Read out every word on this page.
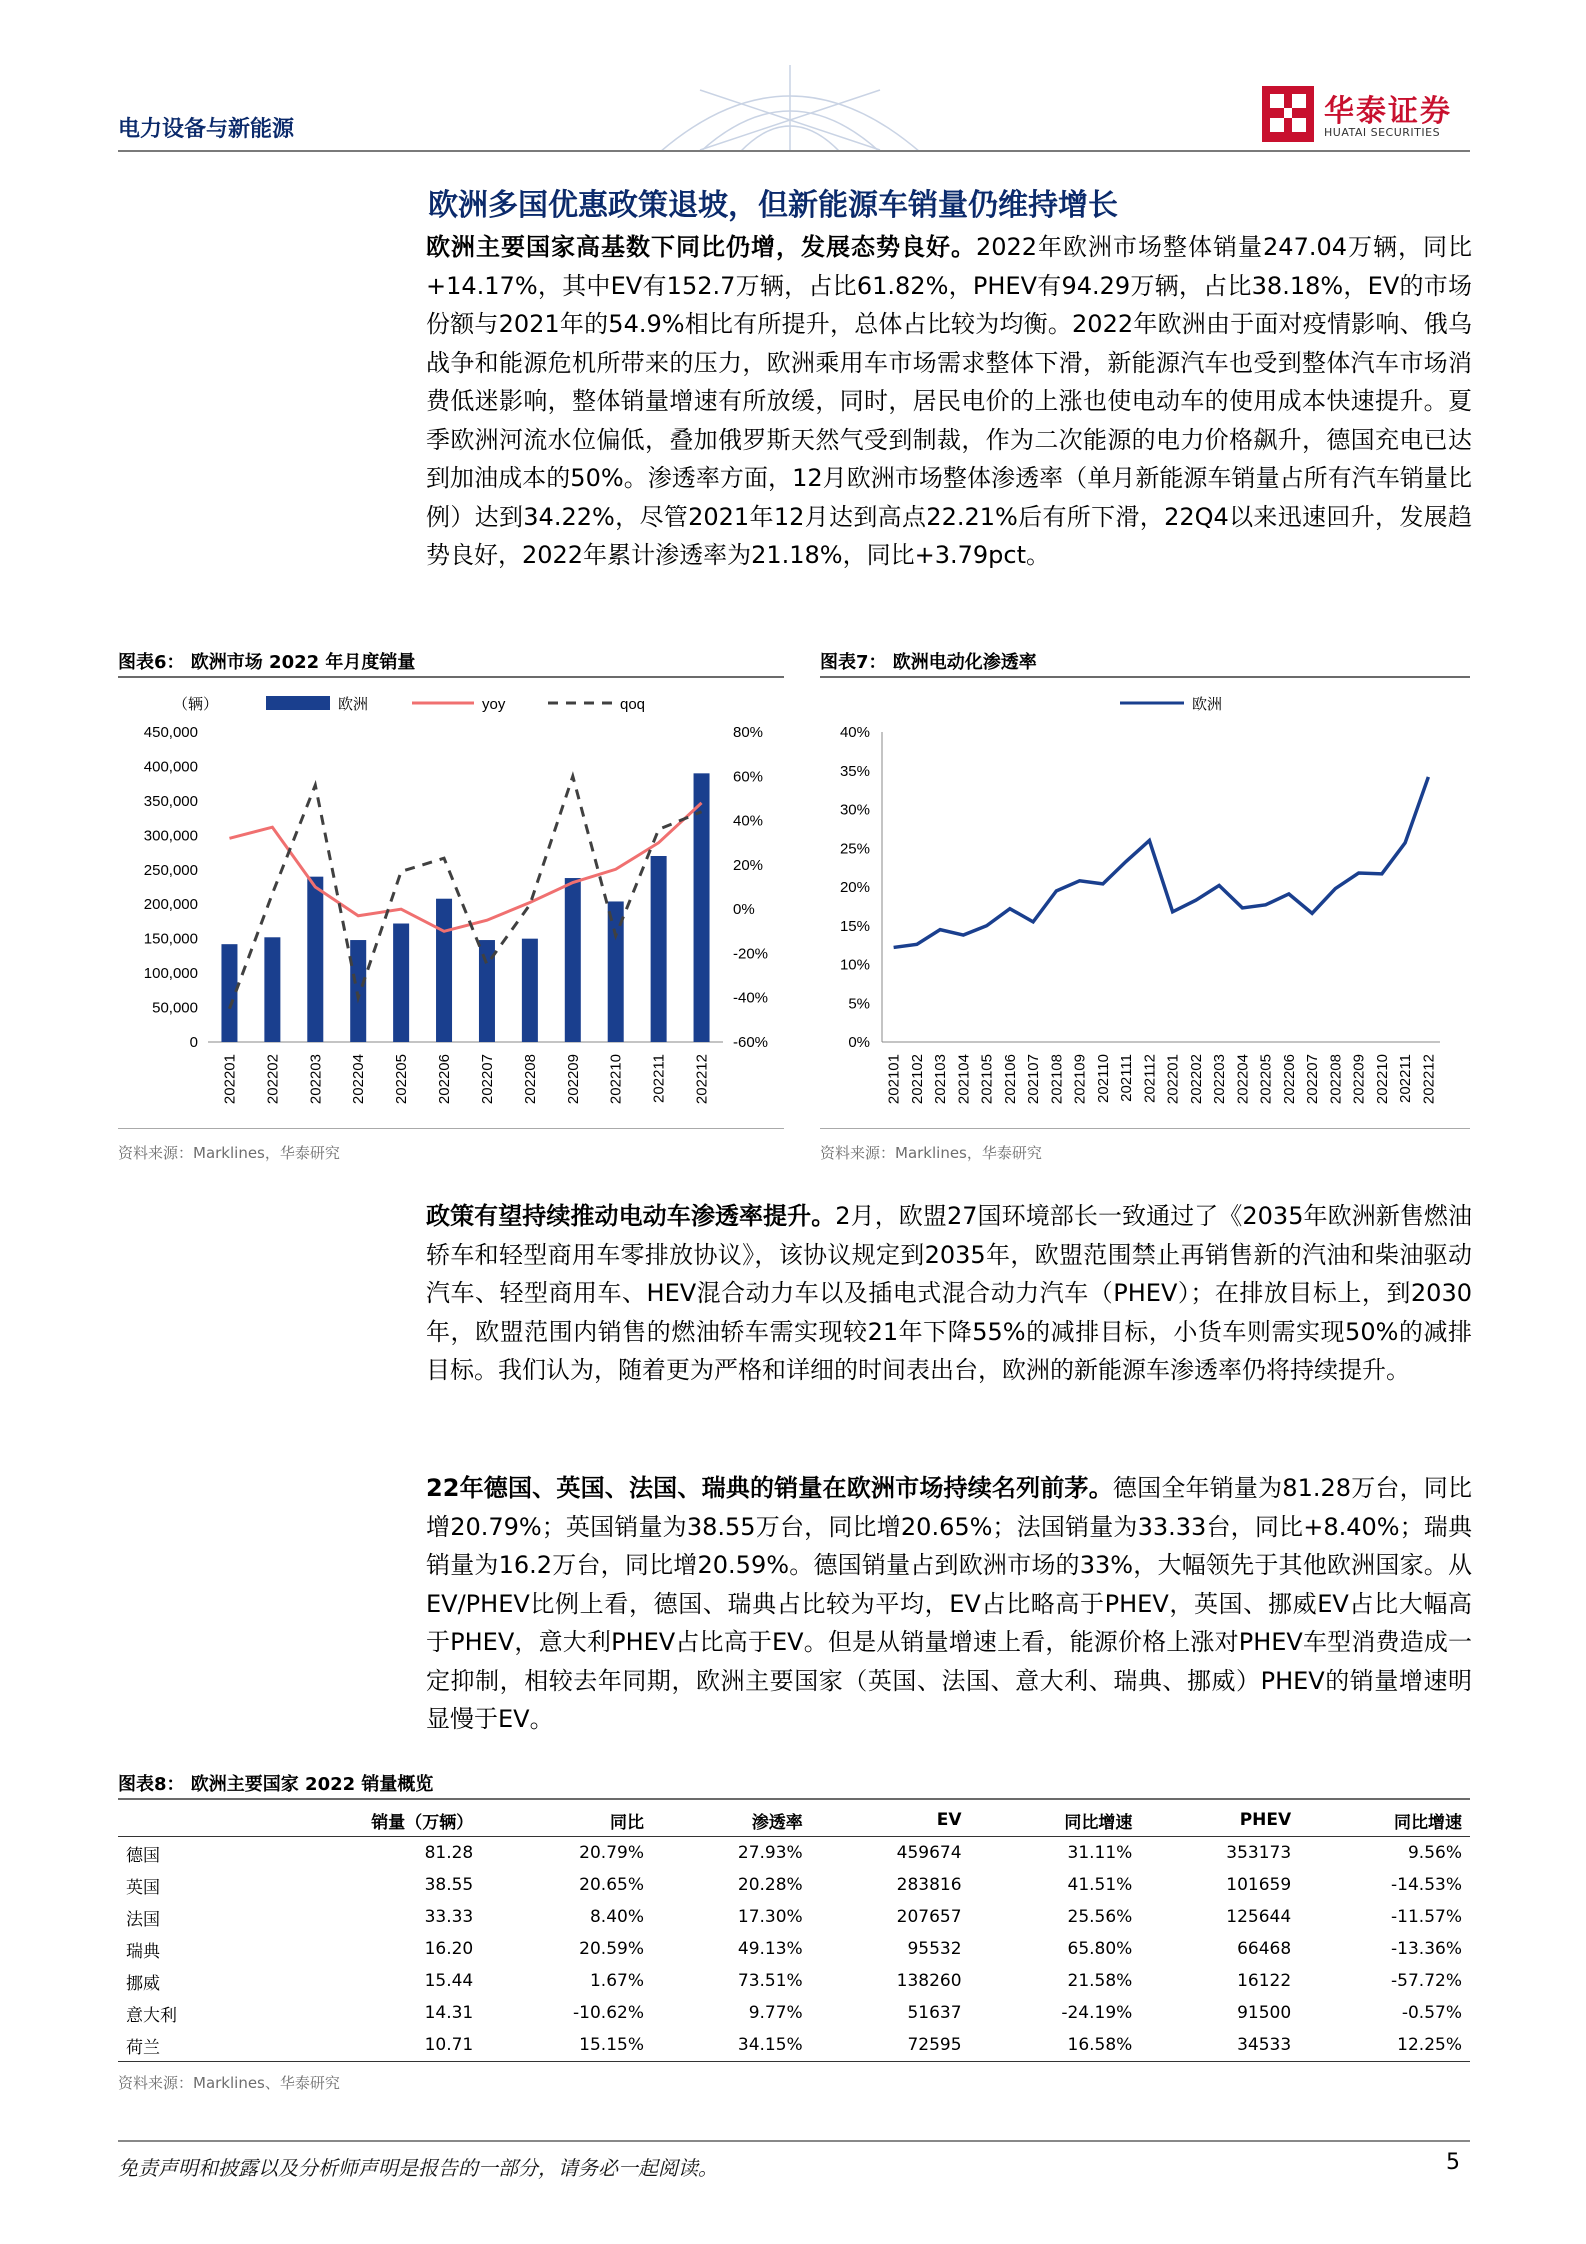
电力设备与新能源
华泰证券
HUATAI SECURITIES
欧洲多国优惠政策退坡，但新能源车销量仍维持增长
欧洲主要国家高基数下同比仍增，发展态势良好。2022年欧洲市场整体销量247.04万辆，同比+14.17%，其中EV有152.7万辆，占比61.82%，PHEV有94.29万辆，占比38.18%，EV的市场份额与2021年的54.9%相比有所提升，总体占比较为均衡。2022年欧洲由于面对疫情影响、俄乌战争和能源危机所带来的压力，欧洲乘用车市场需求整体下滑，新能源汽车也受到整体汽车市场消费低迷影响，整体销量增速有所放缓，同时，居民电价的上涨也使电动车的使用成本快速提升。夏季欧洲河流水位偏低，叠加俄罗斯天然气受到制裁，作为二次能源的电力价格飙升，德国充电已达到加油成本的50%。渗透率方面，12月欧洲市场整体渗透率（单月新能源车销量占所有汽车销量比例）达到34.22%，尽管2021年12月达到高点22.21%后有所下滑，22Q4以来迅速回升，发展趋势良好，2022年累计渗透率为21.18%，同比+3.79pct。
图表6： 欧洲市场 2022 年月度销量
（辆）
450,000
400,000
350,000
300,000
250,000
200,000
150,000
100,000
50,000
0
80%
60%
40%
20%
0%
-20%
-40%
-60%
202201 202202 202203 202204 202205 202206 202207 202208 202209 202210 202211 202212
欧洲	yoy	qoq
资料来源：Marklines，华泰研究
图表7： 欧洲电动化渗透率
40%
35%
30%
25%
20%
15%
10%
5%
0%
202101 202102 202103 202104 202105 202106 202107 202108 202109 202110 202111 202112 202201 202202 202203 202204 202205 202206 202207 202208 202209 202210 202211 202212
欧洲
资料来源：Marklines，华泰研究
政策有望持续推动电动车渗透率提升。2月，欧盟27国环境部长一致通过了《2035年欧洲新售燃油轿车和轻型商用车零排放协议》，该协议规定到2035年，欧盟范围禁止再销售新的汽油和柴油驱动汽车、轻型商用车、HEV混合动力车以及插电式混合动力汽车（PHEV）；在排放目标上，到2030年，欧盟范围内销售的燃油轿车需实现较21年下降55%的减排目标，小货车则需实现50%的减排目标。我们认为，随着更为严格和详细的时间表出台，欧洲的新能源车渗透率仍将持续提升。
22年德国、英国、法国、瑞典的销量在欧洲市场持续名列前茅。德国全年销量为81.28万台，同比增20.79%；英国销量为38.55万台，同比增20.65%；法国销量为33.33台，同比+8.40%；瑞典销量为16.2万台，同比增20.59%。德国销量占到欧洲市场的33%，大幅领先于其他欧洲国家。从EV/PHEV比例上看，德国、瑞典占比较为平均，EV占比略高于PHEV，英国、挪威EV占比大幅高于PHEV，意大利PHEV占比高于EV。但是从销量增速上看，能源价格上涨对PHEV车型消费造成一定抑制，相较去年同期，欧洲主要国家（英国、法国、意大利、瑞典、挪威）PHEV的销量增速明显慢于EV。
图表8： 欧洲主要国家 2022 销量概览
	销量（万辆）	同比	渗透率	EV	同比增速	PHEV	同比增速
德国	81.28	20.79%	27.93%	459674	31.11%	353173	9.56%
英国	38.55	20.65%	20.28%	283816	41.51%	101659	-14.53%
法国	33.33	8.40%	17.30%	207657	25.56%	125644	-11.57%
瑞典	16.20	20.59%	49.13%	95532	65.80%	66468	-13.36%
挪威	15.44	1.67%	73.51%	138260	21.58%	16122	-57.72%
意大利	14.31	-10.62%	9.77%	51637	-24.19%	91500	-0.57%
荷兰	10.71	15.15%	34.15%	72595	16.58%	34533	12.25%
资料来源：Marklines、华泰研究
免责声明和披露以及分析师声明是报告的一部分，请务必一起阅读。	5
